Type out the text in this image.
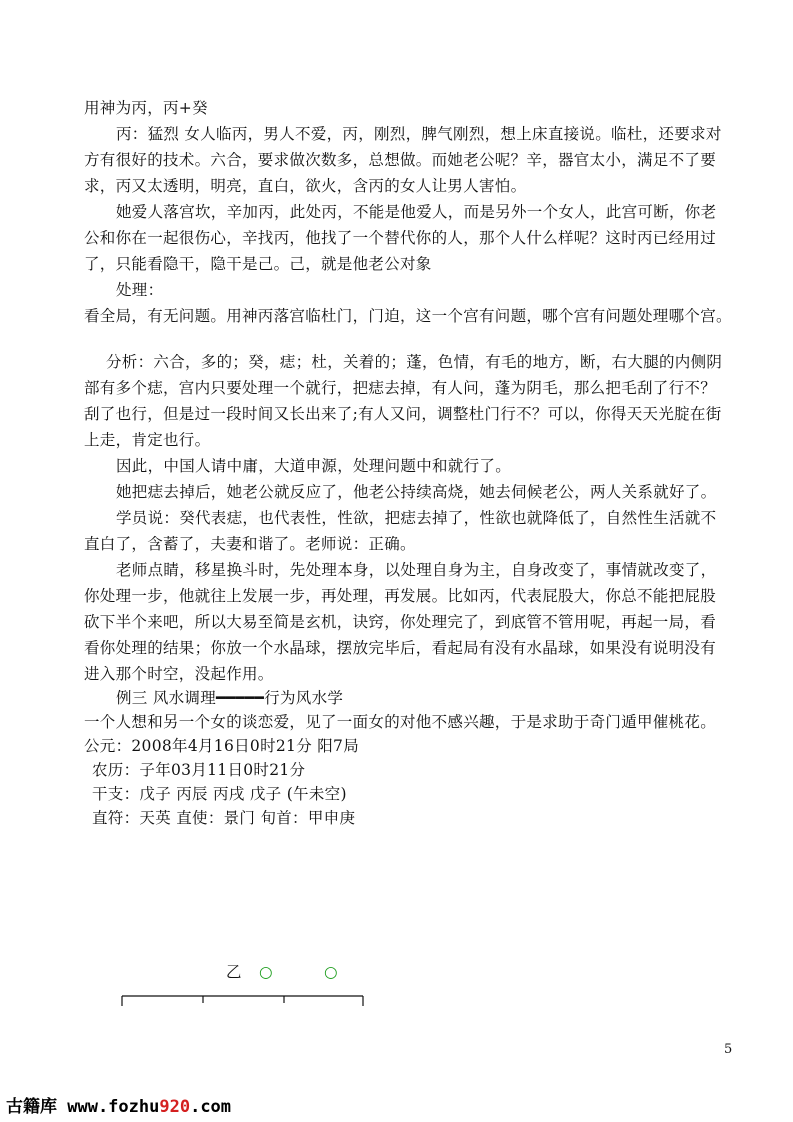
用神为丙，丙+癸
丙：猛烈 女人临丙，男人不爱，丙，刚烈，脾气刚烈，想上床直接说。临杜，还要求对
方有很好的技术。六合，要求做次数多，总想做。而她老公呢？辛，器官太小，满足不了要
求，丙又太透明，明亮，直白，欲火，含丙的女人让男人害怕。
她爱人落宫坎，辛加丙，此处丙，不能是他爱人，而是另外一个女人，此宫可断，你老
公和你在一起很伤心，辛找丙，他找了一个替代你的人，那个人什么样呢？这时丙已经用过
了，只能看隐干，隐干是己。己，就是他老公对象
处理：
看全局，有无问题。用神丙落宫临杜门，门迫，这一个宫有问题，哪个宫有问题处理哪个宫。
分析：六合，多的；癸，痣；杜，关着的；蓬，色情，有毛的地方，断，右大腿的内侧阴
部有多个痣，宫内只要处理一个就行，把痣去掉，有人问，蓬为阴毛，那么把毛刮了行不？
刮了也行，但是过一段时间又长出来了;有人又问，调整杜门行不？可以，你得天天光腚在街
上走，肯定也行。
因此，中国人请中庸，大道申源，处理问题中和就行了。
她把痣去掉后，她老公就反应了，他老公持续高烧，她去伺候老公，两人关系就好了。
学员说：癸代表痣，也代表性，性欲，把痣去掉了，性欲也就降低了，自然性生活就不
直白了，含蓄了，夫妻和谐了。老师说：正确。
老师点睛，移星换斗时，先处理本身，以处理自身为主，自身改变了，事情就改变了，
你处理一步，他就往上发展一步，再处理，再发展。比如丙，代表屁股大，你总不能把屁股
砍下半个来吧，所以大易至简是玄机，诀窍，你处理完了，到底管不管用呢，再起一局，看
看你处理的结果；你放一个水晶球，摆放完毕后，看起局有没有水晶球，如果没有说明没有
进入那个时空，没起作用。
例三 风水调理━━━━━行为风水学
一个人想和另一个女的谈恋爱，见了一面女的对他不感兴趣，于是求助于奇门遁甲催桃花。
公元：2008年4月16日0时21分 阳7局
农历：子年03月11日0时21分
干支：戊子 丙辰 丙戌 戊子 (午未空)
直符：天英 直使：景门 旬首：甲申庚
乙 ○	○
5
古籍库 www.fozhu920.com
